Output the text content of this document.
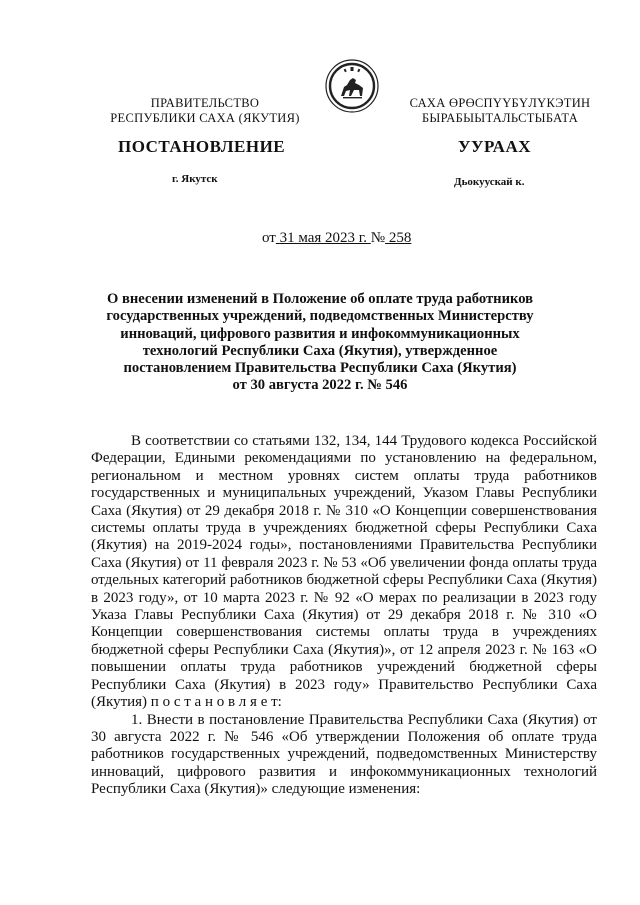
ПРАВИТЕЛЬСТВО
РЕСПУБЛИКИ САХА (ЯКУТИЯ)
САХА ӨРӨСПҮҮБҮЛҮКЭТИН
БЫРАБЫЫТАЛЬСТЫБАТА
ПОСТАНОВЛЕНИЕ	УУРААХ
г. Якутск	Дьокуускай к.
от 31 мая 2023 г. № 258
О внесении изменений в Положение об оплате труда работников
государственных учреждений, подведомственных Министерству
инноваций, цифрового развития и инфокоммуникационных
технологий Республики Саха (Якутия), утвержденное
постановлением Правительства Республики Саха (Якутия)
от 30 августа 2022 г. № 546

В соответствии со статьями 132, 134, 144 Трудового кодекса Российской Федерации, Едиными рекомендациями по установлению на федеральном, региональном и местном уровнях систем оплаты труда работников государственных и муниципальных учреждений, Указом Главы Республики Саха (Якутия) от 29 декабря 2018 г. № 310 «О Концепции совершенствования системы оплаты труда в учреждениях бюджетной сферы Республики Саха (Якутия) на 2019-2024 годы», постановлениями Правительства Республики Саха (Якутия) от 11 февраля 2023 г. № 53 «Об увеличении фонда оплаты труда отдельных категорий работников бюджетной сферы Республики Саха (Якутия) в 2023 году», от 10 марта 2023 г. № 92 «О мерах по реализации в 2023 году Указа Главы Республики Саха (Якутия) от 29 декабря 2018 г. № 310 «О Концепции совершенствования системы оплаты труда в учреждениях бюджетной сферы Республики Саха (Якутия)», от 12 апреля 2023 г. № 163 «О повышении оплаты труда работников учреждений бюджетной сферы Республики Саха (Якутия) в 2023 году» Правительство Республики Саха (Якутия) п о с т а н о в л я е т:

1. Внести в постановление Правительства Республики Саха (Якутия) от 30 августа 2022 г. № 546 «Об утверждении Положения об оплате труда работников государственных учреждений, подведомственных Министерству инноваций, цифрового развития и инфокоммуникационных технологий Республики Саха (Якутия)» следующие изменения:
